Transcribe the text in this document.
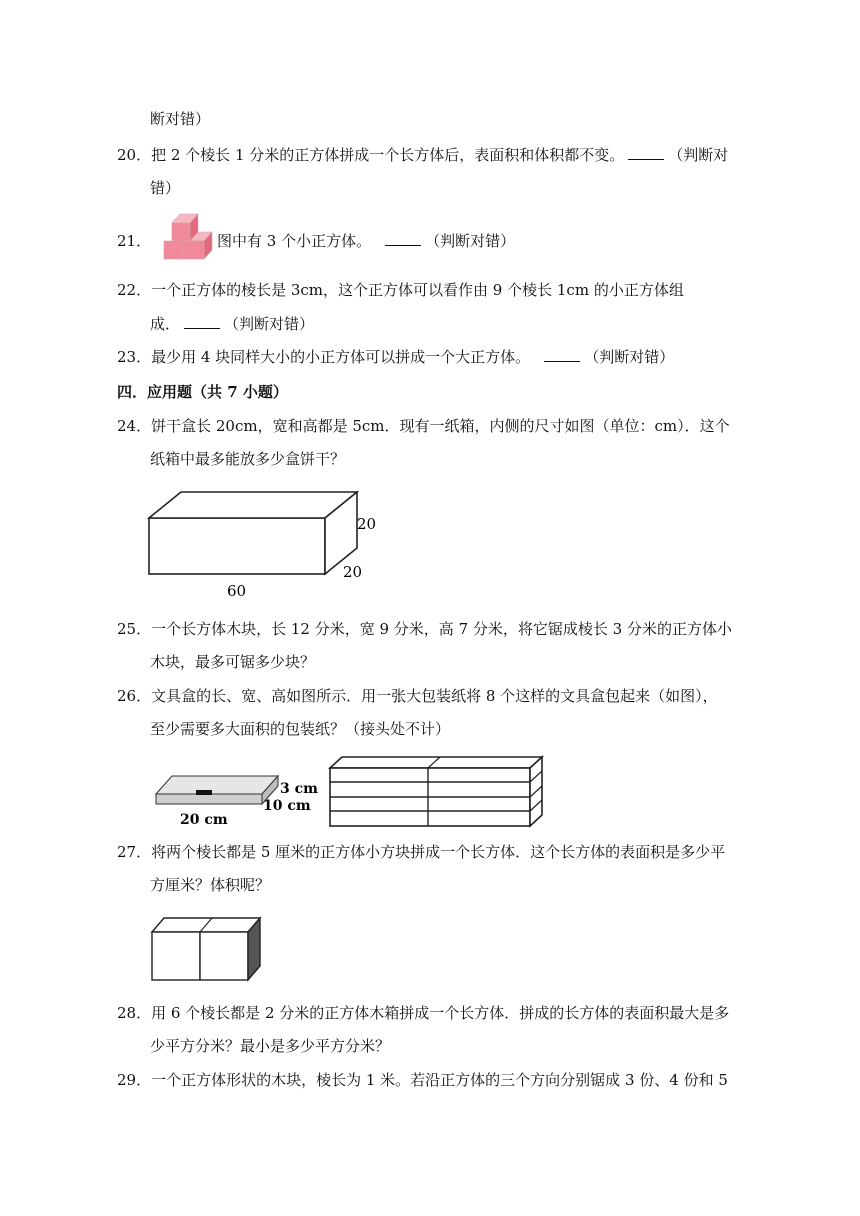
断对错）
20．把 2 个棱长 1 分米的正方体拼成一个长方体后，表面积和体积都不变。	（判断对
错）
21．	图中有 3 个小正方体。	（判断对错）
22．一个正方体的棱长是 3cm，这个正方体可以看作由 9 个棱长 1cm 的小正方体组
成．	（判断对错）
23．最少用 4 块同样大小的小正方体可以拼成一个大正方体。	（判断对错）
四．应用题（共 7 小题）
24．饼干盒长 20cm，宽和高都是 5cm．现有一纸箱，内侧的尺寸如图（单位：cm）．这个
纸箱中最多能放多少盒饼干？
20
20
60
25．一个长方体木块，长 12 分米，宽 9 分米，高 7 分米，将它锯成棱长 3 分米的正方体小
木块，最多可锯多少块？
26．文具盒的长、宽、高如图所示．用一张大包装纸将 8 个这样的文具盒包起来（如图），
至少需要多大面积的包装纸？（接头处不计）
3 cm
10 cm
20 cm
27．将两个棱长都是 5 厘米的正方体小方块拼成一个长方体．这个长方体的表面积是多少平
方厘米？体积呢？
28．用 6 个棱长都是 2 分米的正方体木箱拼成一个长方体．拼成的长方体的表面积最大是多
少平方分米？最小是多少平方分米？
29．一个正方体形状的木块，棱长为 1 米。若沿正方体的三个方向分别锯成 3 份、4 份和 5
